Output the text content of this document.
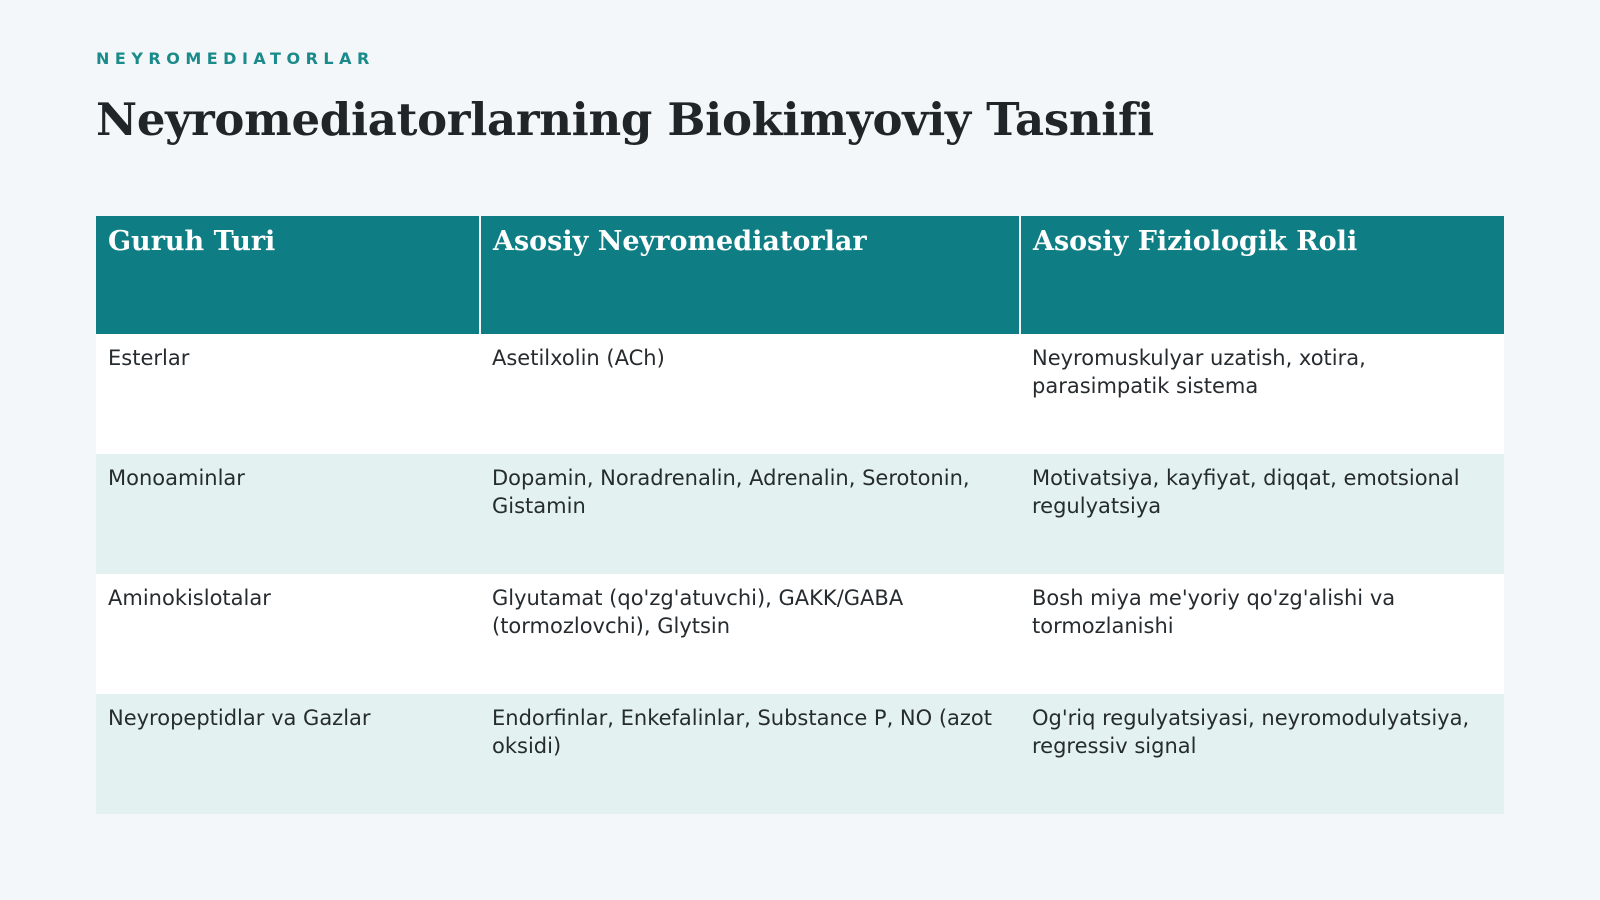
NEYROMEDIATORLAR
Neyromediatorlarning Biokimyoviy Tasnifi
Guruh Turi	Asosiy Neyromediatorlar	Asosiy Fiziologik Roli
Esterlar	Asetilxolin (ACh)	Neyromuskulyar uzatish, xotira, parasimpatik sistema
Monoaminlar	Dopamin, Noradrenalin, Adrenalin, Serotonin, Gistamin	Motivatsiya, kayfiyat, diqqat, emotsional regulyatsiya
Aminokislotalar	Glyutamat (qo'zg'atuvchi), GAKK/GABA (tormozlovchi), Glytsin	Bosh miya me'yoriy qo'zg'alishi va tormozlanishi
Neyropeptidlar va Gazlar	Endorfinlar, Enkefalinlar, Substance P, NO (azot oksidi)	Og'riq regulyatsiyasi, neyromodulyatsiya, regressiv signal
